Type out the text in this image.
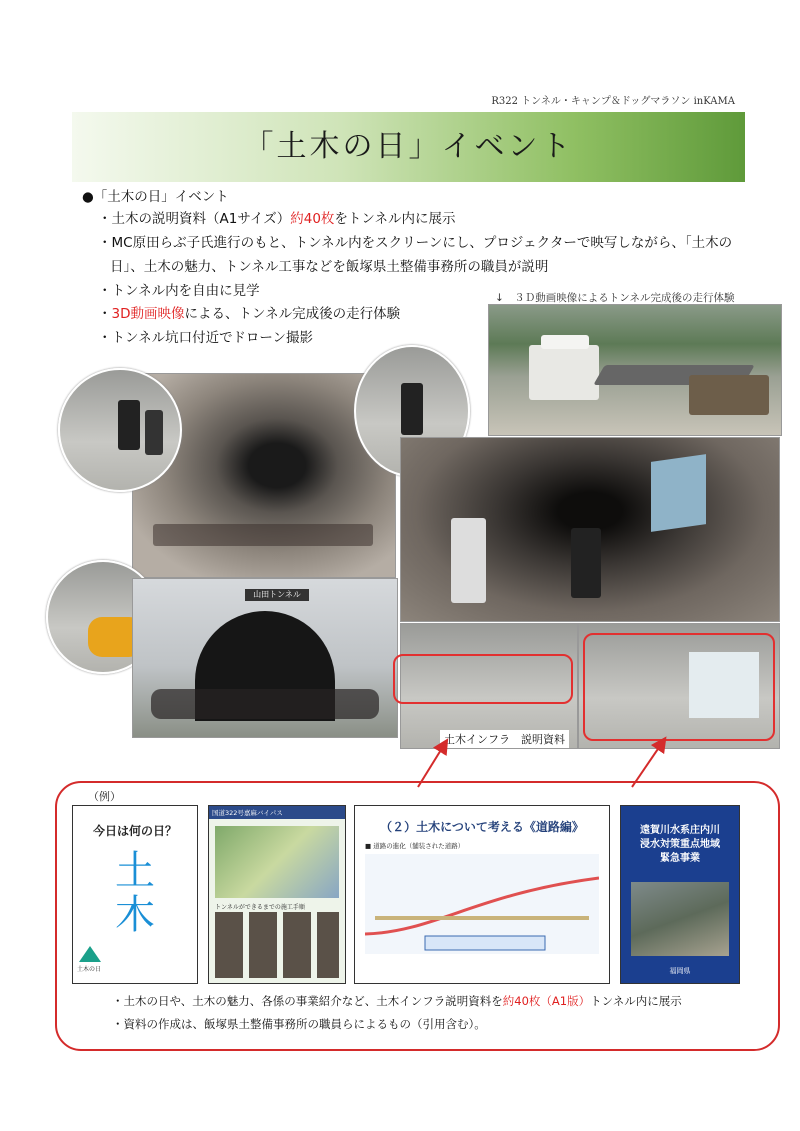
R322 トンネル・キャンプ＆ドッグマラソン inKAMA
「土木の日」イベント
●「土木の日」イベント
・土木の説明資料（A1サイズ）約40枚をトンネル内に展示
・MC原田らぶ子氏進行のもと、トンネル内をスクリーンにし、プロジェクターで映写しながら、「土木の
日」、土木の魅力、トンネル工事などを飯塚県土整備事務所の職員が説明
・トンネル内を自由に見学
・3D動画映像による、トンネル完成後の走行体験
・トンネル坑口付近でドローン撮影
↓　３Ｄ動画映像によるトンネル完成後の走行体験
山田トンネル
土木インフラ　説明資料
（例）
今日は何の日？
土
木
土木の日
国道322号嘉麻バイパス
トンネルができるまでの施工手順
（２）土木について考える《道路編》
■ 道路の進化（舗装された道路）
遠賀川水系庄内川
浸水対策重点地域
緊急事業
福岡県
・土木の日や、土木の魅力、各係の事業紹介など、土木インフラ説明資料を約40枚（A1版）トンネル内に展示
・資料の作成は、飯塚県土整備事務所の職員らによるもの（引用含む）。
